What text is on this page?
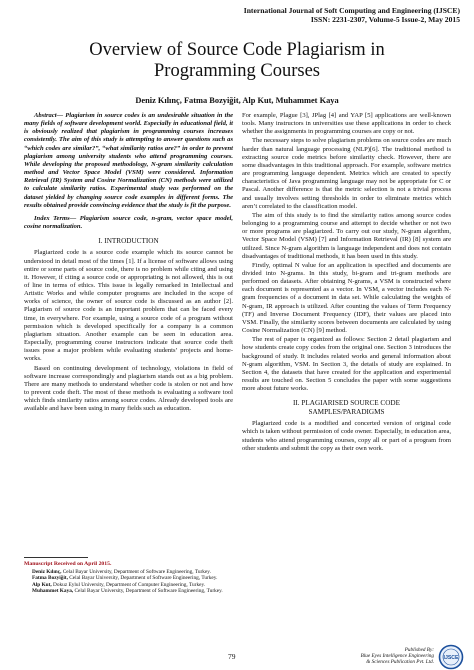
International Journal of Soft Computing and Engineering (IJSCE)
ISSN: 2231-2307, Volume-5 Issue-2, May 2015
Overview of Source Code Plagiarism in
Programming Courses
Deniz Kılınç, Fatma Bozyiğit, Alp Kut, Muhammet Kaya

Abstract— Plagiarism in source codes is an undesirable situation in the many fields of software development world. Especially in educational field, it is obviously realized that plagiarism in programming courses increases consistently. The aim of this study is attempting to answer questions such as “which codes are similar?”, “what similarity ratios are?” in order to prevent plagiarism among university students who attend programming courses. While developing the proposed methodology, N-gram similarity calculation method and Vector Space Model (VSM) were considered. Information Retrieval (IR) System and Cosine Normalization (CN) methods were utilized to calculate similarity ratios. Experimental study was performed on the dataset yielded by changing source code examples in different forms. The results obtained provide convincing evidence that the study is fit the purpose.

Index Terms— Plagiarism source code, n-gram, vector space model, cosine normalization.

I. INTRODUCTION

Plagiarized code is a source code example which its source cannot be understood in detail most of the times [1]. If a license of software allows using entire or some parts of source code, there is no problem while citing and using it. However, if citing a source code or appropriating is not allowed, this is out of line in terms of ethics. This issue is legally remarked in Intellectual and Artistic Works and while computer programs are included in the scope of works of science, the owner of source code is discussed as an author [2]. Plagiarism of source code is an important problem that can be faced every time, in everywhere. For example, using a source code of a program without permission which is developed specifically for a company is a common plagiarism situation. Another example can be seen in education area. Especially, programming course instructors indicate that source code theft issues pose a major problem while evaluating students’ projects and home-works.

Based on continuing development of technology, violations in field of software increase correspondingly and plagiarism stands out as a big problem. There are many methods to understand whether code is stolen or not and how to prevent code theft. The most of these methods is evaluating a software tool which finds similarity ratios among source codes. Already developed tools are available and have been using in many fields such as education.

For example, Plague [3], JPlag [4] and YAP [5] applications are well-known tools. Many instructors in universities use these applications in order to check whether the assignments in programming courses are copy or not.

The necessary steps to solve plagiarism problems on source codes are much harder than natural language processing (NLP)[6]. The traditional method is extracting source code metrics before similarity check. However, there are some disadvantages in this traditional approach. For example, software metrics are programming language dependent. Metrics which are created to specify characteristics of Java programming language may not be appropriate for C or Pascal. Another difference is that the metric selection is not a trivial process and usually involves setting thresholds in order to eliminate metrics which aren’t correlated to the classification model.

The aim of this study is to find the similarity ratios among source codes belonging to a programming course and attempt to decide whether or not two or more programs are plagiarized. To carry out our study, N-gram algorithm, Vector Space Model (VSM) [7] and Information Retrieval (IR) [8] system are utilized. Since N-gram algorithm is language independent and does not contain disadvantages of traditional methods, it has been used in this study.

Firstly, optimal N value for an application is specified and documents are divided into N-grams. In this study, bi-gram and tri-gram methods are performed on datasets. After obtaining N-grams, a VSM is constructed where each document is represented as a vector. In VSM, a vector includes each N-gram frequencies of a document in data set. While calculating the weights of N-gram, IR approach is utilized. After counting the values of Term Frequency (TF) and Inverse Document Frequency (IDF), their values are placed into VSM. Finally, the similarity scores between documents are calculated by using Cosine Normalization (CN) [9] method.

The rest of paper is organized as follows: Section 2 detail plagiarism and how students create copy codes from the original one. Section 3 introduces the background of study. It includes related works and general information about N-gram algorithm, VSM. In Section 3, the details of study are explained. In Section 4, the datasets that have created for the application and experimental results are touched on. Section 5 concludes the paper with some suggestions more about future works.

II. PLAGIARISED SOURCE CODE
SAMPLES/PARADIGMS

Plagiarized code is a modified and concerted version of original code which is taken without permission of code owner. Especially, in education area, students who attend programming courses, copy all or part of a program from other students and submit the copy as their own work.

Manuscript Received on April 2015.
Deniz Kılınç, Celal Bayar University, Department of Software Engineering, Turkey.
Fatma Bozyiğit, Celal Bayar University, Department of Software Engineering, Turkey.
Alp Kut, Dokuz Eylul University, Department of Computer Engineering, Turkey.
Muhammet Kaya, Celal Bayar University, Department of Software Engineering, Turkey.
79
Published By:
Blue Eyes Intelligence Engineering
& Sciences Publication Pvt. Ltd.
IJSCE
